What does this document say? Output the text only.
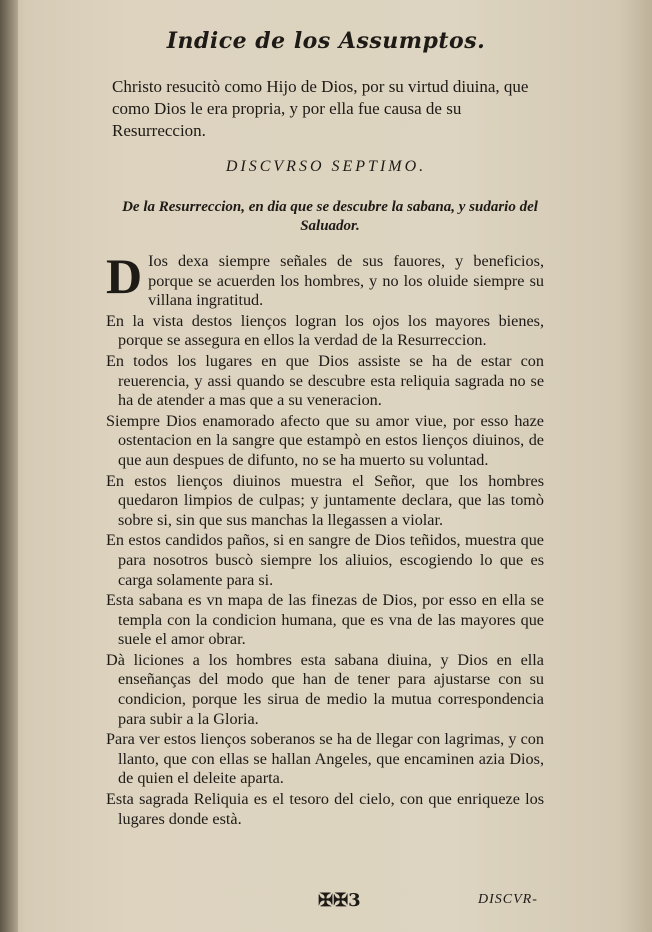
Indice de los Assumptos.
Christo resucitò como Hijo de Dios, por su virtud diuina, que como Dios le era propria, y por ella fue causa de su Resurreccion.
DISCVRSO SEPTIMO.
De la Resurreccion, en dia que se descubre la sabana, y sudario del Saluador.

D Ios dexa siempre señales de sus fauores, y beneficios, porque se acuerden los hombres, y no los oluide siempre su villana ingratitud.

En la vista destos lienços logran los ojos los mayores bienes, porque se assegura en ellos la verdad de la Resurreccion.

En todos los lugares en que Dios assiste se ha de estar con reuerencia, y assi quando se descubre esta reliquia sagrada no se ha de atender a mas que a su veneracion.

Siempre Dios enamorado afecto que su amor viue, por esso haze ostentacion en la sangre que estampò en estos lienços diuinos, de que aun despues de difunto, no se ha muerto su voluntad.

En estos lienços diuinos muestra el Señor, que los hombres quedaron limpios de culpas; y juntamente declara, que las tomò sobre si, sin que sus manchas la llegassen a violar.

En estos candidos paños, si en sangre de Dios teñidos, muestra que para nosotros buscò siempre los aliuios, escogiendo lo que es carga solamente para si.

Esta sabana es vn mapa de las finezas de Dios, por esso en ella se templa con la condicion humana, que es vna de las mayores que suele el amor obrar.

Dà liciones a los hombres esta sabana diuina, y Dios en ella enseñanças del modo que han de tener para ajustarse con su condicion, porque les sirua de medio la mutua correspondencia para subir a la Gloria.

Para ver estos lienços soberanos se ha de llegar con lagrimas, y con llanto, que con ellas se hallan Angeles, que encaminen azia Dios, de quien el deleite aparta.

Esta sagrada Reliquia es el tesoro del cielo, con que enriqueze los lugares donde està.

✠✠3	DISCVR-
